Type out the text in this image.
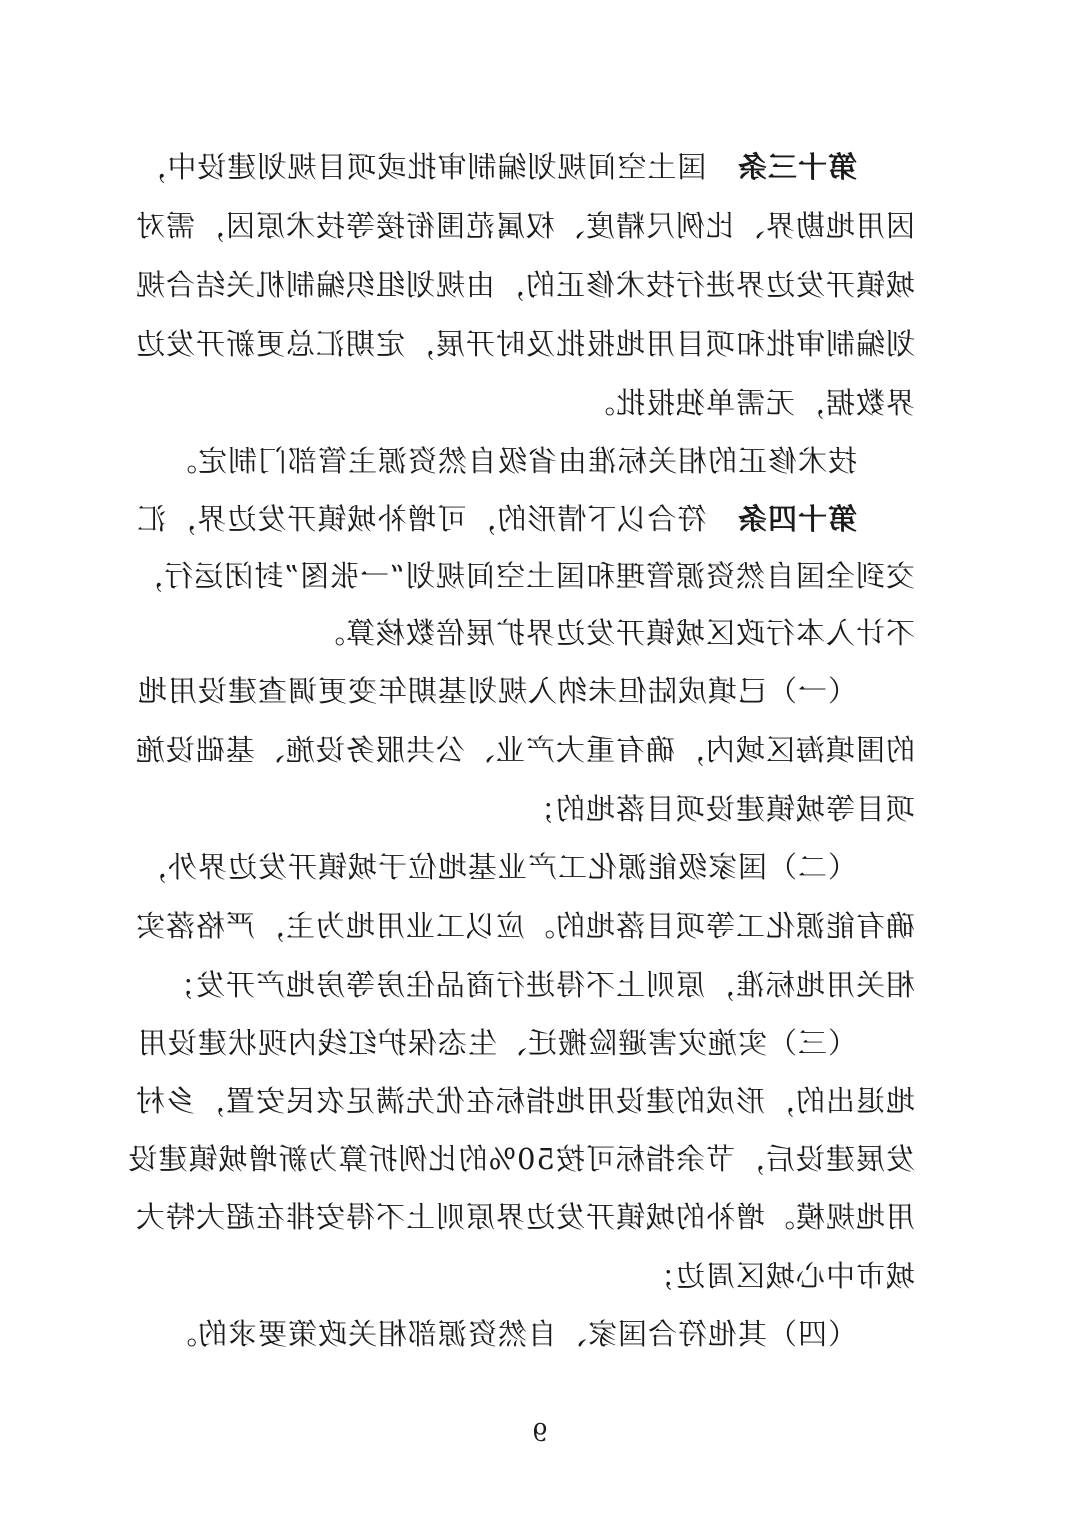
第十三条   国土空间规划编制审批或项目规划建设中，
因用地勘界、比例尺精度、权属范围衔接等技术原因，需对
城镇开发边界进行技术修正的，由规划组织编制机关结合规
划编制审批和项目用地报批及时开展，定期汇总更新开发边
界数据，无需单独报批。
技术修正的相关标准由省级自然资源主管部门制定。
第十四条   符合以下情形的，可增补城镇开发边界，汇
交到全国自然资源管理和国土空间规划“一张图”封闭运行，
不计入本行政区城镇开发边界扩展倍数核算。
（一）已填成陆但未纳入规划基期年变更调查建设用地
的围填海区域内，确有重大产业、公共服务设施、基础设施
项目等城镇建设项目落地的；
（二）国家级能源化工产业基地位于城镇开发边界外，
确有能源化工等项目落地的。应以工业用地为主，严格落实
相关用地标准，原则上不得进行商品住房等房地产开发；
（三）实施灾害避险搬迁、生态保护红线内现状建设用
地退出的，形成的建设用地指标在优先满足农民安置，乡村
发展建设后，节余指标可按50%的比例折算为新增城镇建设
用地规模。增补的城镇开发边界原则上不得安排在超大特大
城市中心城区周边；
（四）其他符合国家、自然资源部相关政策要求的。
9
